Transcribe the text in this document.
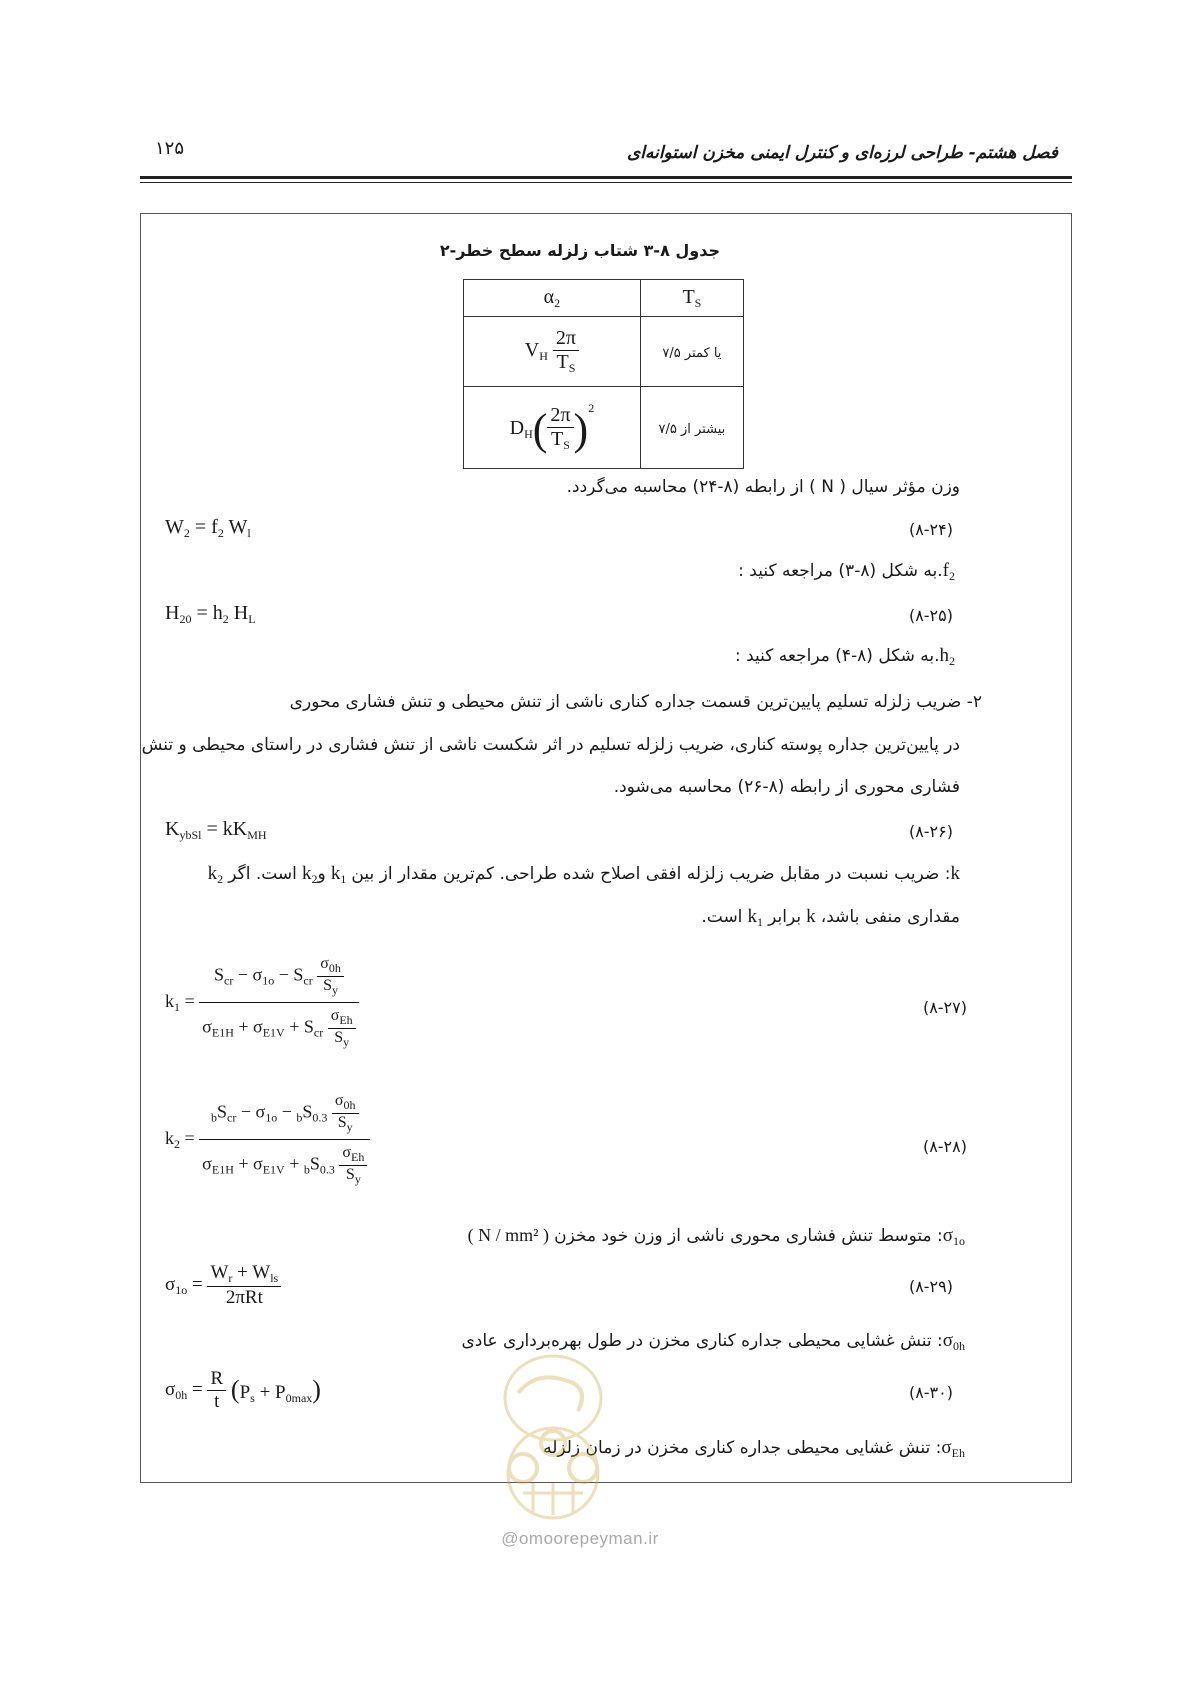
۱۲۵	فصل هشتم- طراحی لرزه‌ای و کنترل ایمنی مخزن استوانه‌ای
جدول ۸-۳ شتاب زلزله سطح خطر-۲
$\alpha_2$	$T_S$
$V_H \frac{2\pi}{T_S}$	۷/۵ یا کمتر
$D_H( \frac{2\pi}{T_S} )^2$	بیشتر از ۷/۵
وزن مؤثر سیال ( N ) از رابطه (۸-۲۴) محاسبه می‌گردد.
$W_2 = f_2$ $W_l$	(۸-۲۴)
: به شکل (۸-۳) مراجعه $کنید.f_2$
$H_{20} = h_2$ $H_L$	(۸-۲۵)
: به شکل (۸-۴) مراجعه $کنید.h_2$
۲- ضریب زلزله تسلیم پایین‌ترین قسمت جداره کناری ناشی از تنش محیطی و تنش فشاری محوری
در پایین‌ترین جداره پوسته کناری، ضریب زلزله تسلیم در اثر شکست ناشی از تنش فشاری در راستای محیطی و تنش
فشاری محوری از رابطه (۸-۲۶) محاسبه می‌شود.
$K_{ybSl} = kK_{MH}$	(۸-۲۶)
k: ضریب نسبت در مقابل ضریب زلزله افقی اصلاح شده طراحی. کم‌ترین مقدار از بین $k_1$ وk$_2$ است. اگر $k_2$
مقداری منفی باشد، k برابر $k_1$ است.
$k_1 = \frac{S_{cr} - \sigma_{1o} - S_{cr} \frac{\sigma_{0h}}{S_y}}{\sigma_{E1H} + \sigma_{E1V} + S_{cr} \frac{\sigma_{Eh}}{S_y}}$	(۸-۲۷)
$k_2 = \frac{_bS_{cr} - \sigma_{1o} - _bS_{0.3} \frac{\sigma_{0h}}{S_y}}{\sigma_{E1H} + \sigma_{E1V} + _bS_{0.3} \frac{\sigma_{Eh}}{S_y}}$	(۸-۲۸)
$\sigma_{1o}$: متوسط تنش فشاری محوری ناشی از وزن خود مخزن ( N / mm² )
$\sigma_{1o} = \frac{W_r + W_{ls}}{\text{2πRt}}$	(۸-۲۹)
$\sigma_{0h}$: تنش غشایی محیطی جداره کناری مخزن در طول بهره‌برداری عادی
$\sigma_{0h} = \frac{R}{t} (P_s + P_{0max})$	(۸-۳۰)
$\sigma_{Eh}$: تنش غشایی محیطی جداره کناری مخزن در زمان زلزله
@omoorepeyman.ir
